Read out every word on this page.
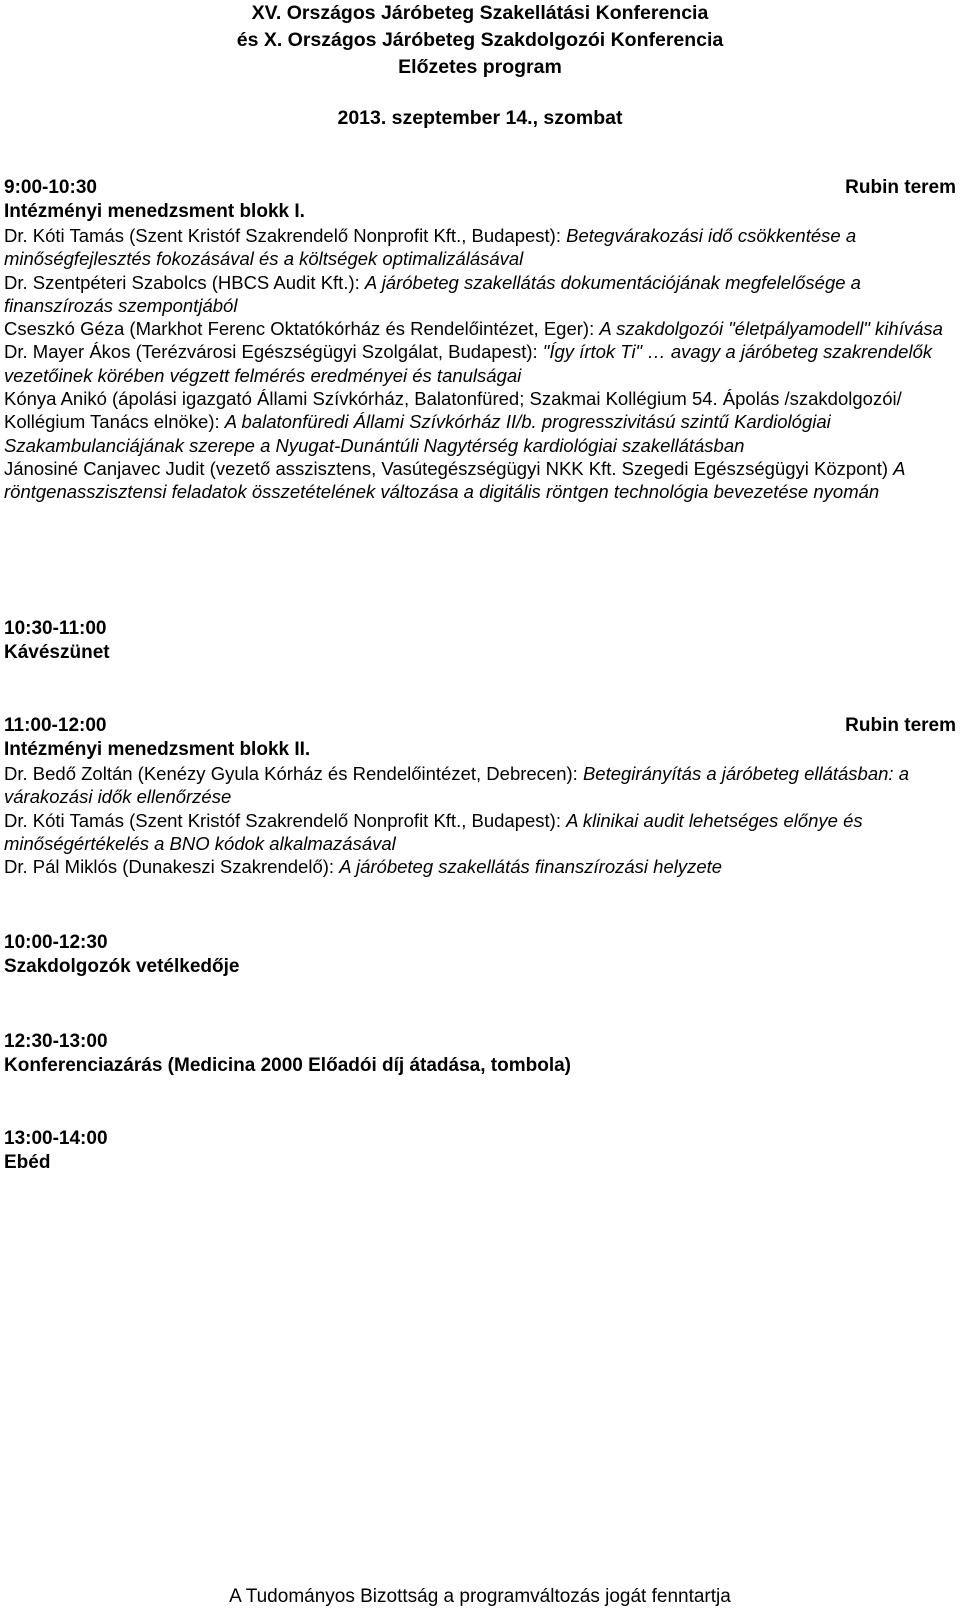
XV. Országos Járóbeteg Szakellátási Konferencia
és X. Országos Járóbeteg Szakdolgozói Konferencia
Előzetes program
2013. szeptember 14., szombat
9:00-10:30	Rubin terem
Intézményi menedzsment blokk I.
Dr. Kóti Tamás (Szent Kristóf Szakrendelő Nonprofit Kft., Budapest): Betegvárakozási idő csökkentése a minőségfejlesztés fokozásával és a költségek optimalizálásával
Dr. Szentpéteri Szabolcs (HBCS Audit Kft.): A járóbeteg szakellátás dokumentációjának megfelelősége a finanszírozás szempontjából
Cseszkó Géza (Markhot Ferenc Oktatókórház és Rendelőintézet, Eger): A szakdolgozói "életpályamodell" kihívása
Dr. Mayer Ákos (Terézvárosi Egészségügyi Szolgálat, Budapest): "Így írtok Ti" … avagy a járóbeteg szakrendelők vezetőinek körében végzett felmérés eredményei és tanulságai
Kónya Anikó (ápolási igazgató Állami Szívkórház, Balatonfüred; Szakmai Kollégium 54. Ápolás /szakdolgozói/ Kollégium Tanács elnöke): A balatonfüredi Állami Szívkórház II/b. progresszivitású szintű Kardiológiai Szakambulanciájának szerepe a Nyugat-Dunántúli Nagytérség kardiológiai szakellátásban
Jánosiné Canjavec Judit (vezető asszisztens, Vasútegészségügyi NKK Kft. Szegedi Egészségügyi Központ) A röntgenasszisztensi feladatok összetételének változása a digitális röntgen technológia bevezetése nyomán
10:30-11:00
Kávészünet
11:00-12:00	Rubin terem
Intézményi menedzsment blokk II.
Dr. Bedő Zoltán (Kenézy Gyula Kórház és Rendelőintézet, Debrecen): Betegirányítás a járóbeteg ellátásban: a várakozási idők ellenőrzése
Dr. Kóti Tamás (Szent Kristóf Szakrendelő Nonprofit Kft., Budapest): A klinikai audit lehetséges előnye és minőségértékelés a BNO kódok alkalmazásával
Dr. Pál Miklós (Dunakeszi Szakrendelő): A járóbeteg szakellátás finanszírozási helyzete
10:00-12:30
Szakdolgozók vetélkedője
12:30-13:00
Konferenciazárás (Medicina 2000 Előadói díj átadása, tombola)
13:00-14:00
Ebéd
A Tudományos Bizottság a programváltozás jogát fenntartja
